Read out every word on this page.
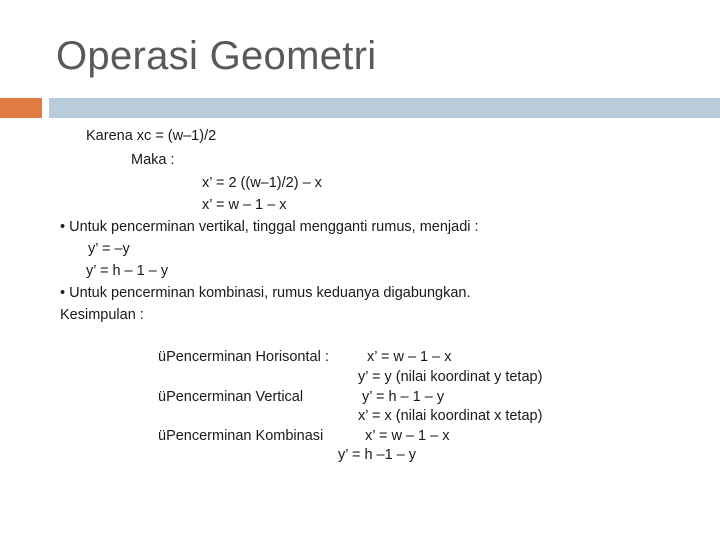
Operasi Geometri
Karena xc = (w–1)/2
Maka :
x’ = 2 ((w–1)/2) – x
x’ = w – 1 – x
• Untuk pencerminan vertikal, tinggal mengganti rumus, menjadi :
y’ = –y
y’ = h – 1 – y
• Untuk pencerminan kombinasi, rumus keduanya digabungkan.
Kesimpulan :
üPencerminan Horisontal :	x’ = w – 1 – x
y’ = y (nilai koordinat y tetap)
üPencerminan Vertical	y’ = h – 1 – y
x’ = x (nilai koordinat x tetap)
üPencerminan Kombinasi	x’ = w – 1 – x
y’ = h –1 – y
